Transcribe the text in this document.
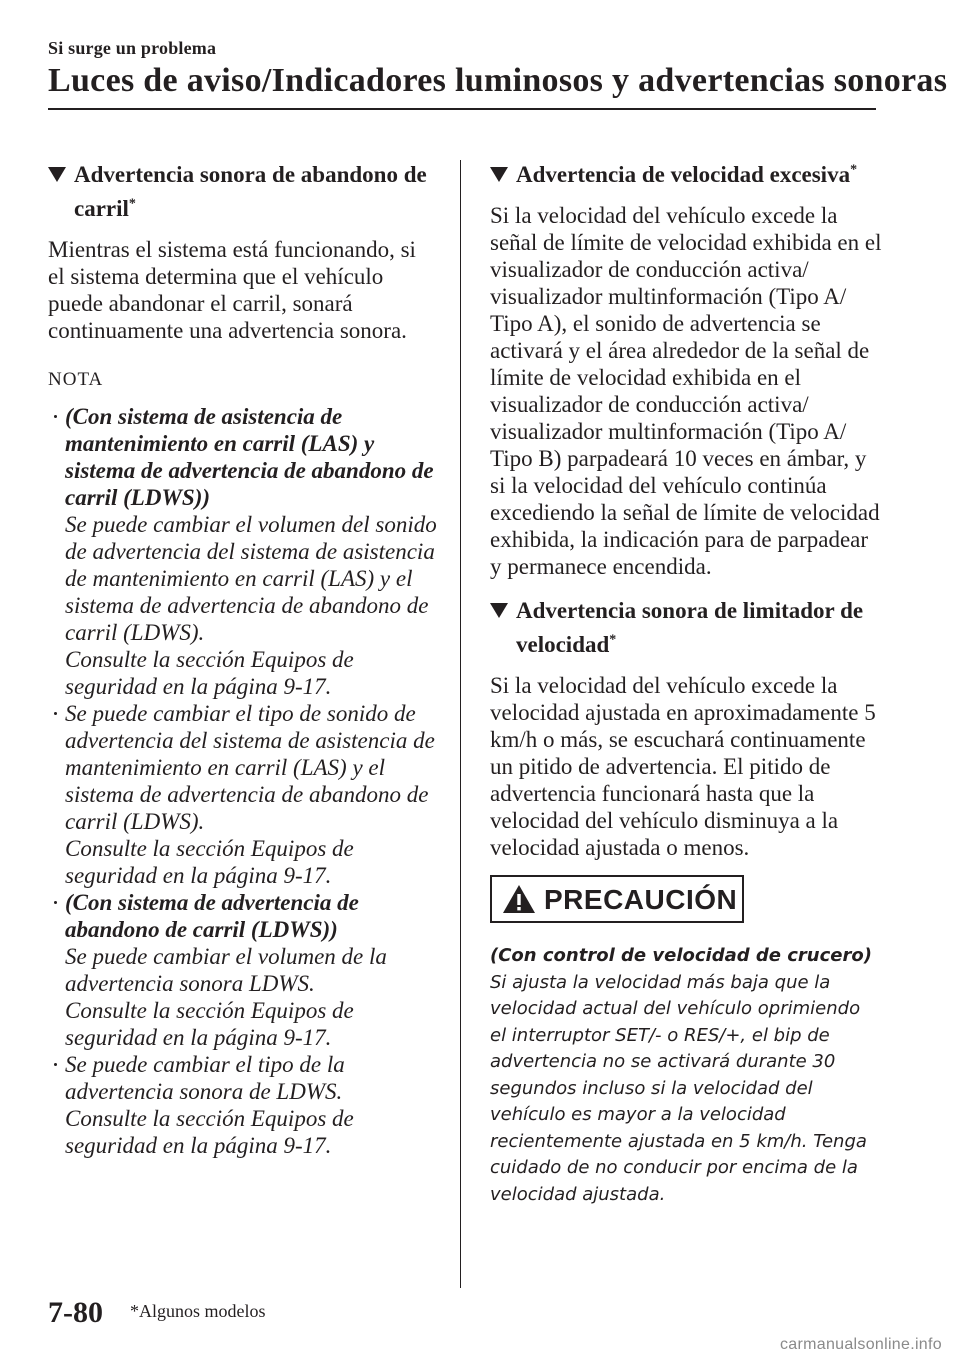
Si surge un problema
Luces de aviso/Indicadores luminosos y advertencias sonoras
Advertencia sonora de abandono de carril*

Mientras el sistema está funcionando, si el sistema determina que el vehículo puede abandonar el carril, sonará continuamente una advertencia sonora.

NOTA
(Con sistema de asistencia de mantenimiento en carril (LAS) y sistema de advertencia de abandono de carril (LDWS))
Se puede cambiar el volumen del sonido de advertencia del sistema de asistencia de mantenimiento en carril (LAS) y el sistema de advertencia de abandono de carril (LDWS).
Consulte la sección Equipos de seguridad en la página 9-17.
Se puede cambiar el tipo de sonido de advertencia del sistema de asistencia de mantenimiento en carril (LAS) y el sistema de advertencia de abandono de carril (LDWS).
Consulte la sección Equipos de seguridad en la página 9-17.
(Con sistema de advertencia de abandono de carril (LDWS))
Se puede cambiar el volumen de la advertencia sonora LDWS.
Consulte la sección Equipos de seguridad en la página 9-17.
Se puede cambiar el tipo de la advertencia sonora de LDWS.
Consulte la sección Equipos de seguridad en la página 9-17.
Advertencia de velocidad excesiva*

Si la velocidad del vehículo excede la señal de límite de velocidad exhibida en el visualizador de conducción activa/ visualizador multinformación (Tipo A/ Tipo A), el sonido de advertencia se activará y el área alrededor de la señal de límite de velocidad exhibida en el visualizador de conducción activa/ visualizador multinformación (Tipo A/ Tipo B) parpadeará 10 veces en ámbar, y si la velocidad del vehículo continúa excediendo la señal de límite de velocidad exhibida, la indicación para de parpadear y permanece encendida.

Advertencia sonora de limitador de velocidad*

Si la velocidad del vehículo excede la velocidad ajustada en aproximadamente 5 km/h o más, se escuchará continuamente un pitido de advertencia. El pitido de advertencia funcionará hasta que la velocidad del vehículo disminuya a la velocidad ajustada o menos.

PRECAUCIÓN
(Con control de velocidad de crucero)
Si ajusta la velocidad más baja que la velocidad actual del vehículo oprimiendo el interruptor SET/- o RES/+, el bip de advertencia no se activará durante 30 segundos incluso si la velocidad del vehículo es mayor a la velocidad recientemente ajustada en 5 km/h. Tenga cuidado de no conducir por encima de la velocidad ajustada.
7-80 *Algunos modelos
carmanualsonline.info
